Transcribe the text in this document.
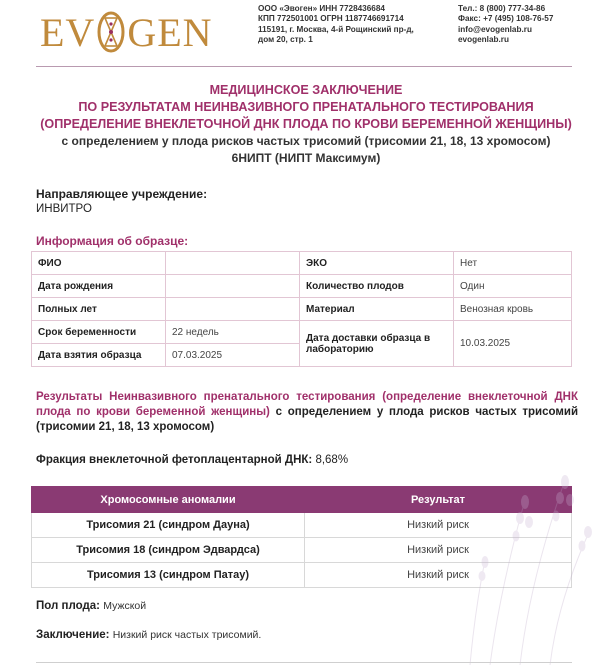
EV GEN
ООО «Эвоген» ИНН 7728436684
КПП 772501001 ОГРН 1187746691714
115191, г. Москва, 4-й Рощинский пр-д,
дом 20, стр. 1
Тел.: 8 (800) 777-34-86
Факс: +7 (495) 108-76-57
info@evogenlab.ru
evogenlab.ru
МЕДИЦИНСКОЕ ЗАКЛЮЧЕНИЕ
ПО РЕЗУЛЬТАТАМ НЕИНВАЗИВНОГО ПРЕНАТАЛЬНОГО ТЕСТИРОВАНИЯ
(ОПРЕДЕЛЕНИЕ ВНЕКЛЕТОЧНОЙ ДНК ПЛОДА ПО КРОВИ БЕРЕМЕННОЙ ЖЕНЩИНЫ)
с определением у плода рисков частых трисомий (трисомии 21, 18, 13 хромосом)
6НИПТ (НИПТ Максимум)
Направляющее учреждение:
ИНВИТРО
Информация об образце:
ФИО		ЭКО	Нет
Дата рождения		Количество плодов	Один
Полных лет		Материал	Венозная кровь
Срок беременности	22 недель	Дата доставки образца в лабораторию	10.03.2025
Дата взятия образца	07.03.2025		
Результаты Неинвазивного пренатального тестирования (определение внеклеточной ДНК плода по крови беременной женщины) с определением у плода рисков частых трисомий (трисомии 21, 18, 13 хромосом)
Фракция внеклеточной фетоплацентарной ДНК: 8,68%
Хромосомные аномалии	Результат
Трисомия 21 (синдром Дауна)	Низкий риск
Трисомия 18 (синдром Эдвардса)	Низкий риск
Трисомия 13 (синдром Патау)	Низкий риск
Пол плода: Мужской
Заключение: Низкий риск частых трисомий.
